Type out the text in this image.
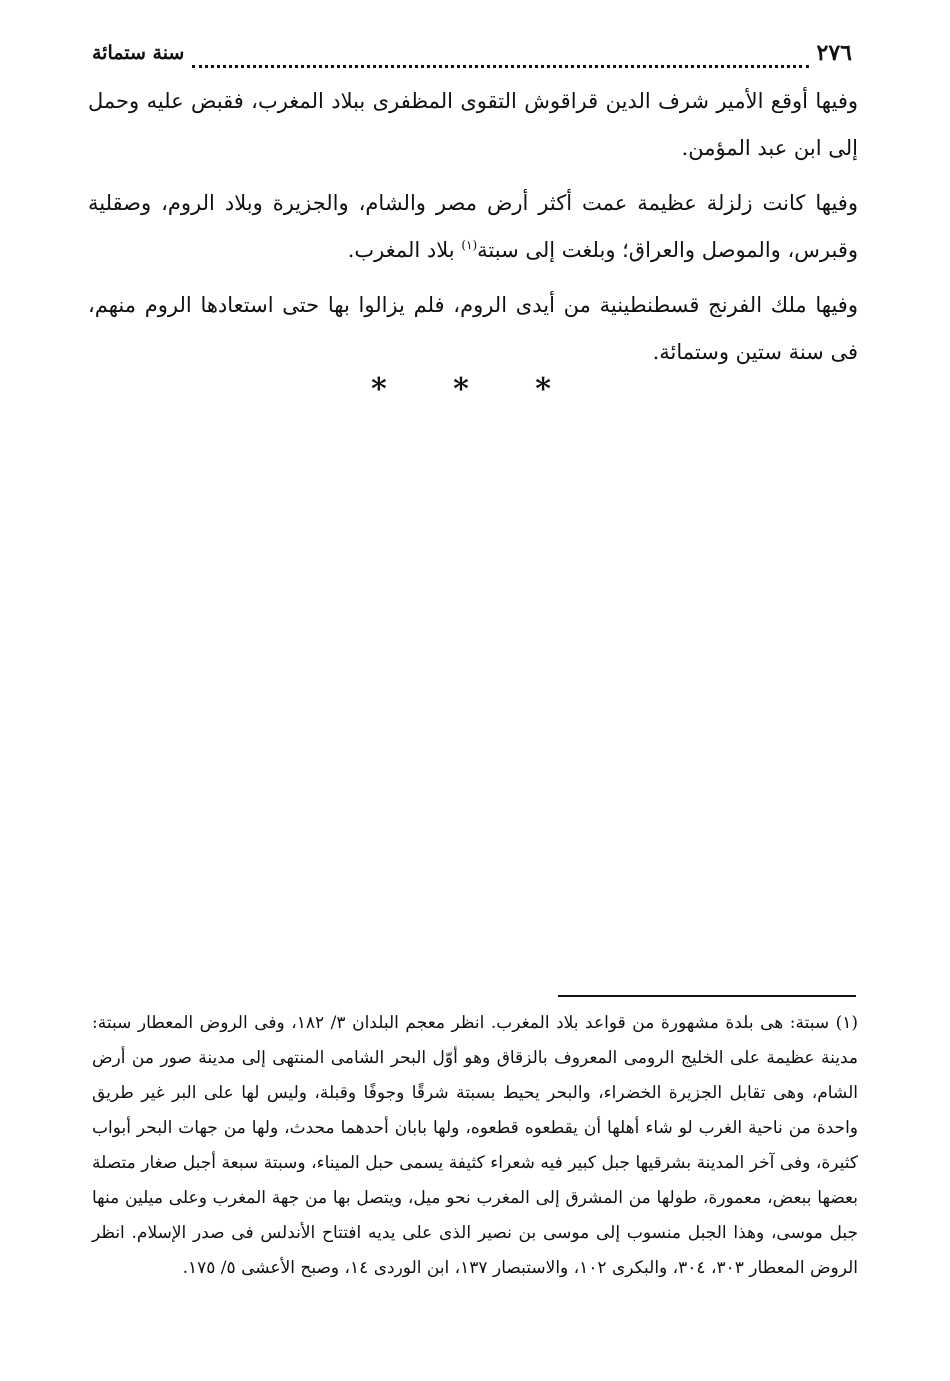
٢٧٦
سنة ستمائة

وفيها أوقع الأمير شرف الدين قراقوش التقوى المظفرى ببلاد المغرب، فقبض عليه وحمل إلى ابن عبد المؤمن.

وفيها كانت زلزلة عظيمة عمت أكثر أرض مصر والشام، والجزيرة وبلاد الروم، وصقلية وقبرس، والموصل والعراق؛ وبلغت إلى سبتة$^{(١)}$ بلاد المغرب.

وفيها ملك الفرنج قسطنطينية من أيدى الروم، فلم يزالوا بها حتى استعادها الروم منهم، فى سنة ستين وستمائة.

* * *

(١) سبتة: هى بلدة مشهورة من قواعد بلاد المغرب. انظر معجم البلدان ٣/ ١٨٢، وفى الروض المعطار سبتة: مدينة عظيمة على الخليج الرومى المعروف بالزقاق وهو أوّل البحر الشامى المنتهى إلى مدينة صور من أرض الشام، وهى تقابل الجزيرة الخضراء، والبحر يحيط بسبتة شرقًا وجوفًا وقبلة، وليس لها على البر غير طريق واحدة من ناحية الغرب لو شاء أهلها أن يقطعوه قطعوه، ولها بابان أحدهما محدث، ولها من جهات البحر أبواب كثيرة، وفى آخر المدينة بشرقيها جبل كبير فيه شعراء كثيفة يسمى حبل الميناء، وسبتة سبعة أجبل صغار متصلة بعضها ببعض، معمورة، طولها من المشرق إلى المغرب نحو ميل، ويتصل بها من جهة المغرب وعلى ميلين منها جبل موسى، وهذا الجبل منسوب إلى موسى بن نصير الذى على يديه افتتاح الأندلس فى صدر الإسلام. انظر الروض المعطار ٣٠٣، ٣٠٤، والبكرى ١٠٢، والاستبصار ١٣٧، ابن الوردى ١٤، وصبح الأعشى ٥/ ١٧٥.
